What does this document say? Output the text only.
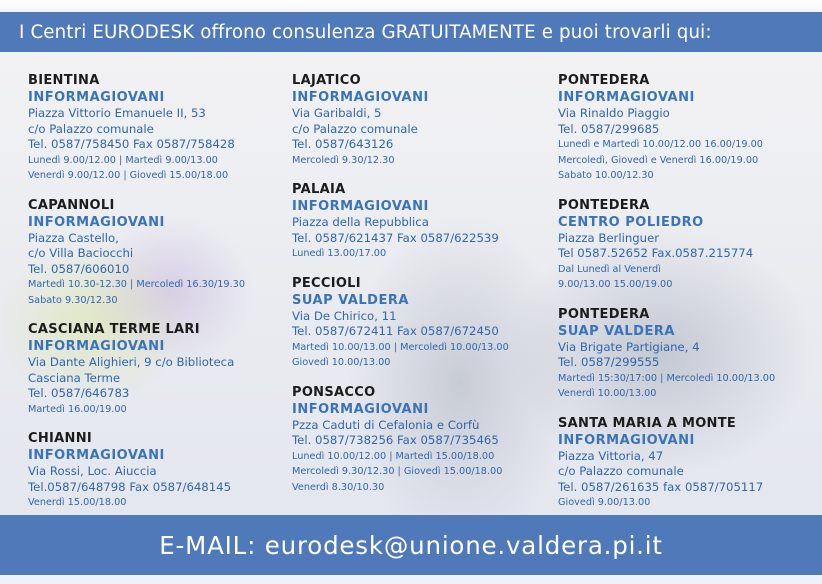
I Centri EURODESK offrono consulenza GRATUITAMENTE e puoi trovarli qui:
BIENTINA
INFORMAGIOVANI
Piazza Vittorio Emanuele II, 53
c/o Palazzo comunale
Tel. 0587/758450 Fax 0587/758428
Lunedì 9.00/12.00 | Martedì 9.00/13.00
Venerdì 9.00/12.00 | Giovedì 15.00/18.00
CAPANNOLI
INFORMAGIOVANI
Piazza Castello,
c/o Villa Baciocchi
Tel. 0587/606010
Martedì 10.30-12.30 | Mercoledì 16.30/19.30
Sabato 9.30/12.30
CASCIANA TERME LARI
INFORMAGIOVANI
Via Dante Alighieri, 9 c/o Biblioteca
Casciana Terme
Tel. 0587/646783
Martedì 16.00/19.00
CHIANNI
INFORMAGIOVANI
Via Rossi, Loc. Aiuccia
Tel.0587/648798 Fax 0587/648145
Venerdì 15.00/18.00
LAJATICO
INFORMAGIOVANI
Via Garibaldi, 5
c/o Palazzo comunale
Tel. 0587/643126
Mercoledì 9.30/12.30
PALAIA
INFORMAGIOVANI
Piazza della Repubblica
Tel. 0587/621437 Fax 0587/622539
Lunedì 13.00/17.00
PECCIOLI
SUAP VALDERA
Via De Chirico, 11
Tel. 0587/672411 Fax 0587/672450
Martedì 10.00/13.00 | Mercoledì 10.00/13.00
Giovedì 10.00/13.00
PONSACCO
INFORMAGIOVANI
Pzza Caduti di Cefalonia e Corfù
Tel. 0587/738256 Fax 0587/735465
Lunedì 10.00/12.00 | Martedì 15.00/18.00
Mercoledì 9.30/12.30 | Giovedì 15.00/18.00
Venerdì 8.30/10.30
PONTEDERA
INFORMAGIOVANI
Via Rinaldo Piaggio
Tel. 0587/299685
Lunedì e Martedì 10.00/12.00 16.00/19.00
Mercoledì, Giovedì e Venerdì 16.00/19.00
Sabato 10.00/12.30
PONTEDERA
CENTRO POLIEDRO
Piazza Berlinguer
Tel 0587.52652 Fax.0587.215774
Dal Lunedì al Venerdì
9.00/13.00 15.00/19.00
PONTEDERA
SUAP VALDERA
Via Brigate Partigiane, 4
Tel. 0587/299555
Martedì 15:30/17:00 | Mercoledì 10.00/13.00
Venerdì 10.00/13.00
SANTA MARIA A MONTE
INFORMAGIOVANI
Piazza Vittoria, 47
c/o Palazzo comunale
Tel. 0587/261635 fax 0587/705117
Giovedì 9.00/13.00
E-MAIL: eurodesk@unione.valdera.pi.it
